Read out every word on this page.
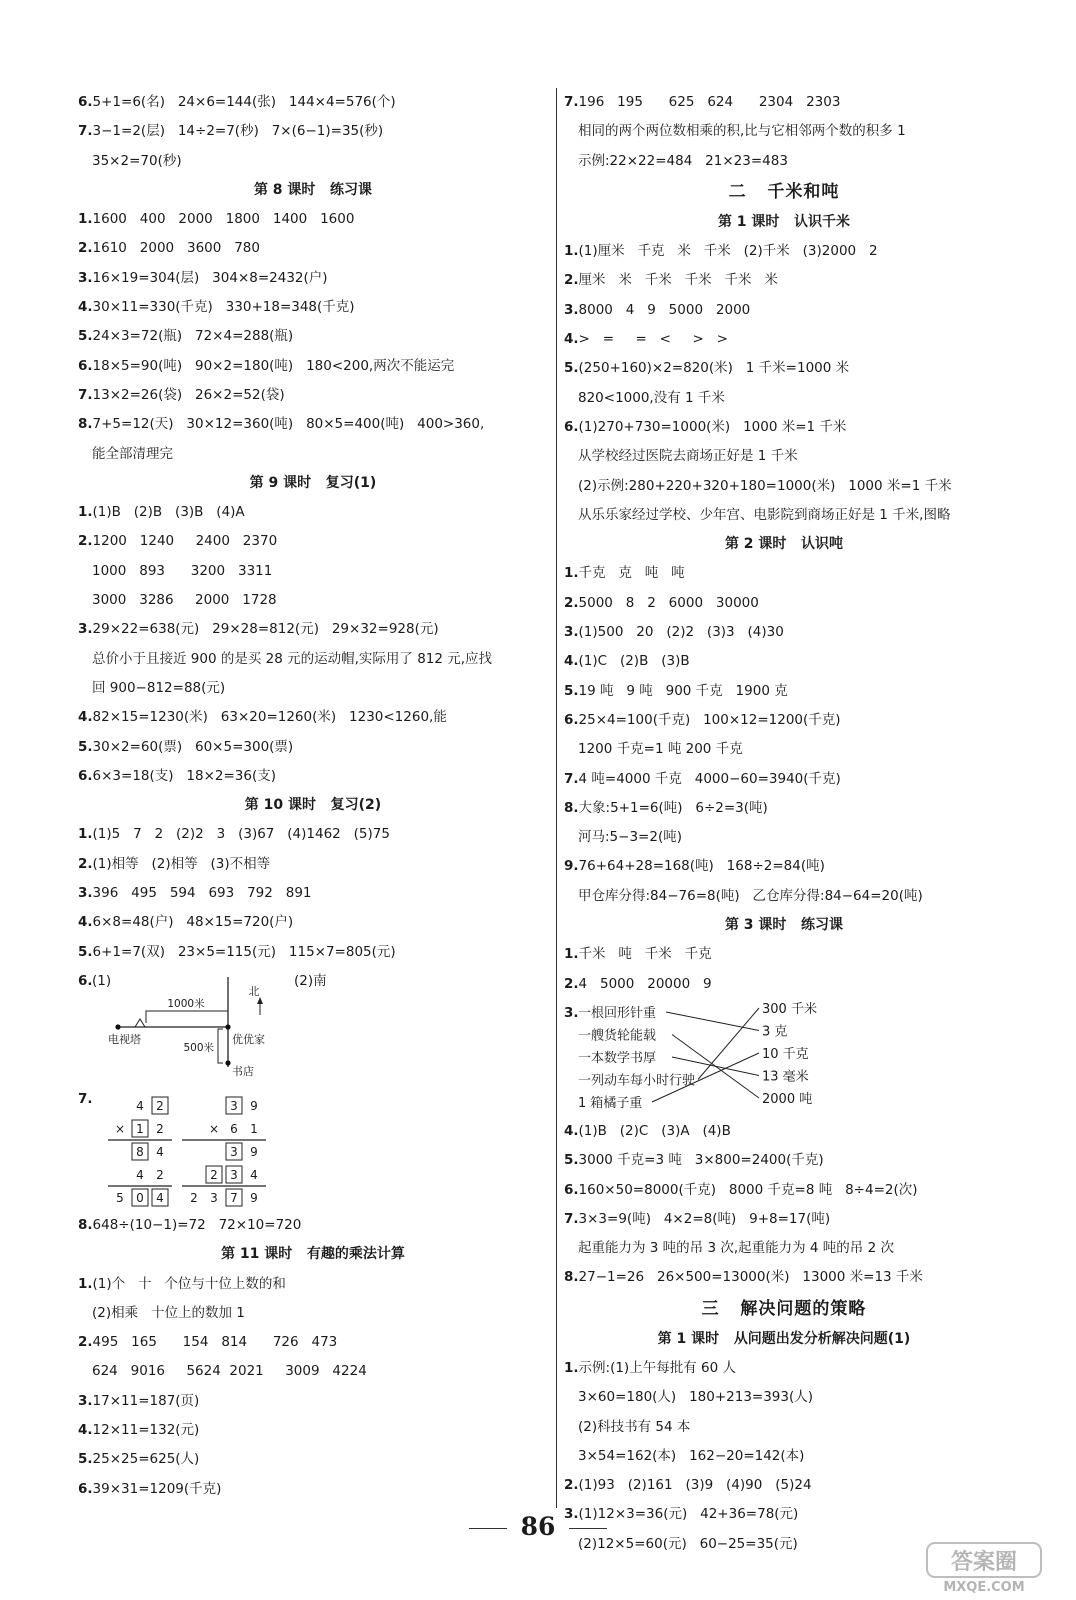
6.5+1=6(名)   24×6=144(张)   144×4=576(个)
7.3−1=2(层)   14÷2=7(秒)   7×(6−1)=35(秒)
35×2=70(秒)
第 8 课时   练习课
1.1600   400   2000   1800   1400   1600
2.1610   2000   3600   780
3.16×19=304(层)   304×8=2432(户)
4.30×11=330(千克)   330+18=348(千克)
5.24×3=72(瓶)   72×4=288(瓶)
6.18×5=90(吨)   90×2=180(吨)   180<200,两次不能运完
7.13×2=26(袋)   26×2=52(袋)
8.7+5=12(天)   30×12=360(吨)   80×5=400(吨)   400>360,
能全部清理完
第 9 课时   复习(1)
1.(1)B   (2)B   (3)B   (4)A
2.1200   1240     2400   2370
1000   893      3200   3311
3000   3286     2000   1728
3.29×22=638(元)   29×28=812(元)   29×32=928(元)
总价小于且接近 900 的是买 28 元的运动帽,实际用了 812 元,应找
回 900−812=88(元)
4.82×15=1230(米)   63×20=1260(米)   1230<1260,能
5.30×2=60(票)   60×5=300(票)
6.6×3=18(支)   18×2=36(支)
第 10 课时   复习(2)
1.(1)5   7   2   (2)2   3   (3)67   (4)1462   (5)75
2.(1)相等   (2)相等   (3)不相等
3.396   495   594   693   792   891
4.6×8=48(户)   48×15=720(户)
5.6+1=7(双)   23×5=115(元)   115×7=805(元)
6. (1)	(2)南
1000米
电视塔	优优家
500米
书店
北
7.	4 2
× 1 2
8 4
4 2
5 0 4
3 9
× 6 1
3 9
2 3 4
2 3 7 9
8.648÷(10−1)=72   72×10=720
第 11 课时   有趣的乘法计算
1.(1)个   十   个位与十位上数的和
(2)相乘   十位上的数加 1
2.495   165      154   814      726   473
624   9016     5624  2021     3009   4224
3.17×11=187(页)
4.12×11=132(元)
5.25×25=625(人)
6.39×31=1209(千克)
7.196   195      625   624      2304   2303
相同的两个两位数相乘的积,比与它相邻两个数的积多 1
示例:22×22=484   21×23=483
二   千米和吨
第 1 课时   认识千米
1.(1)厘米   千克   米   千米   (2)千米   (3)2000   2
2.厘米   米   千米   千米   千米   米
3.8000   4   9   5000   2000
4.>   =     =   <     >   >
5.(250+160)×2=820(米)   1 千米=1000 米
820<1000,没有 1 千米
6.(1)270+730=1000(米)   1000 米=1 千米
从学校经过医院去商场正好是 1 千米
(2)示例:280+220+320+180=1000(米)   1000 米=1 千米
从乐乐家经过学校、少年宫、电影院到商场正好是 1 千米,图略
第 2 课时   认识吨
1.千克   克   吨   吨
2.5000   8   2   6000   30000
3.(1)500   20   (2)2   (3)3   (4)30
4.(1)C   (2)B   (3)B
5.19 吨   9 吨   900 千克   1900 克
6.25×4=100(千克)   100×12=1200(千克)
1200 千克=1 吨 200 千克
7.4 吨=4000 千克   4000−60=3940(千克)
8.大象:5+1=6(吨)   6÷2=3(吨)
河马:5−3=2(吨)
9.76+64+28=168(吨)   168÷2=84(吨)
甲仓库分得:84−76=8(吨)   乙仓库分得:84−64=20(吨)
第 3 课时   练习课
1.千米   吨   千米   千克
2.4   5000   20000   9
3. 一根回形针重
一艘货轮能载
一本数学书厚
一列动车每小时行驶
1 箱橘子重
300 千米
3 克
10 千克
13 毫米
2000 吨
4.(1)B   (2)C   (3)A   (4)B
5.3000 千克=3 吨   3×800=2400(千克)
6.160×50=8000(千克)   8000 千克=8 吨   8÷4=2(次)
7.3×3=9(吨)   4×2=8(吨)   9+8=17(吨)
起重能力为 3 吨的吊 3 次,起重能力为 4 吨的吊 2 次
8.27−1=26   26×500=13000(米)   13000 米=13 千米
三   解决问题的策略
第 1 课时   从问题出发分析解决问题(1)
1.示例:(1)上午每批有 60 人
3×60=180(人)   180+213=393(人)
(2)科技书有 54 本
3×54=162(本)   162−20=142(本)
2.(1)93   (2)161   (3)9   (4)90   (5)24
3.(1)12×3=36(元)   42+36=78(元)
(2)12×5=60(元)   60−25=35(元)
86
答案圈
MXQE.COM
